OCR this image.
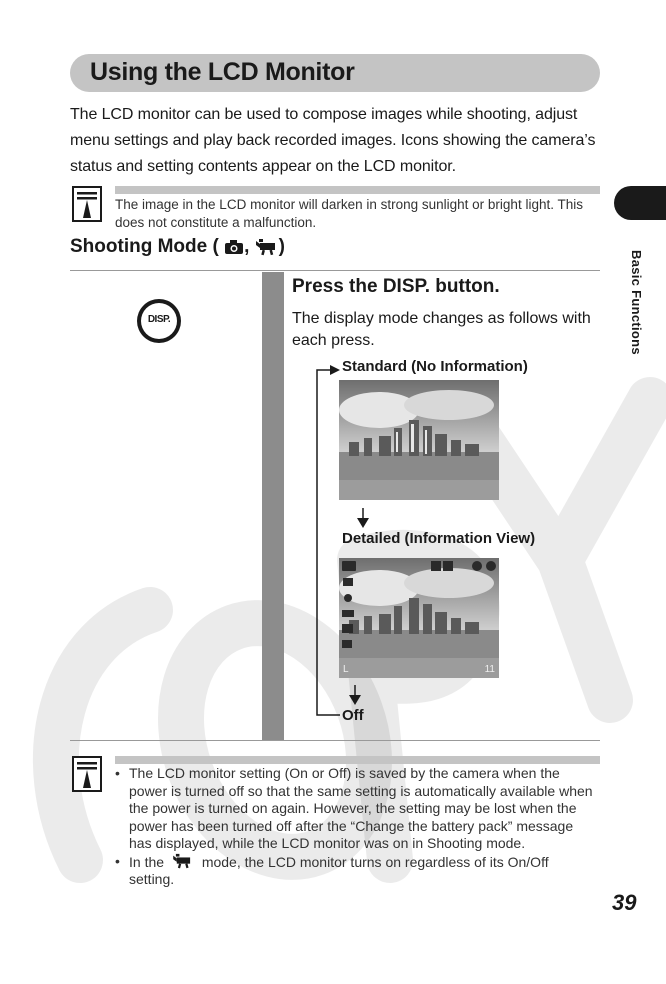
Using the LCD Monitor
The LCD monitor can be used to compose images while shooting, adjust menu settings and play back recorded images. Icons showing the camera’s status and setting contents appear on the LCD monitor.
The image in the LCD monitor will darken in strong sunlight or bright light. This does not constitute a malfunction.
Basic Functions
Shooting Mode ( , )
DISP.
Press the DISP. button.
The display mode changes as follows with each press.
Standard (No Information)
Detailed (Information View)
Off
L	11
• The LCD monitor setting (On or Off) is saved by the camera when the power is turned off so that the same setting is automatically available when the power is turned on again. However, the setting may be lost when the power has been turned off after the “Change the battery pack” message has displayed, while the LCD monitor was on in Shooting mode.
• In the	mode, the LCD monitor turns on regardless of its On/Off setting.
39
